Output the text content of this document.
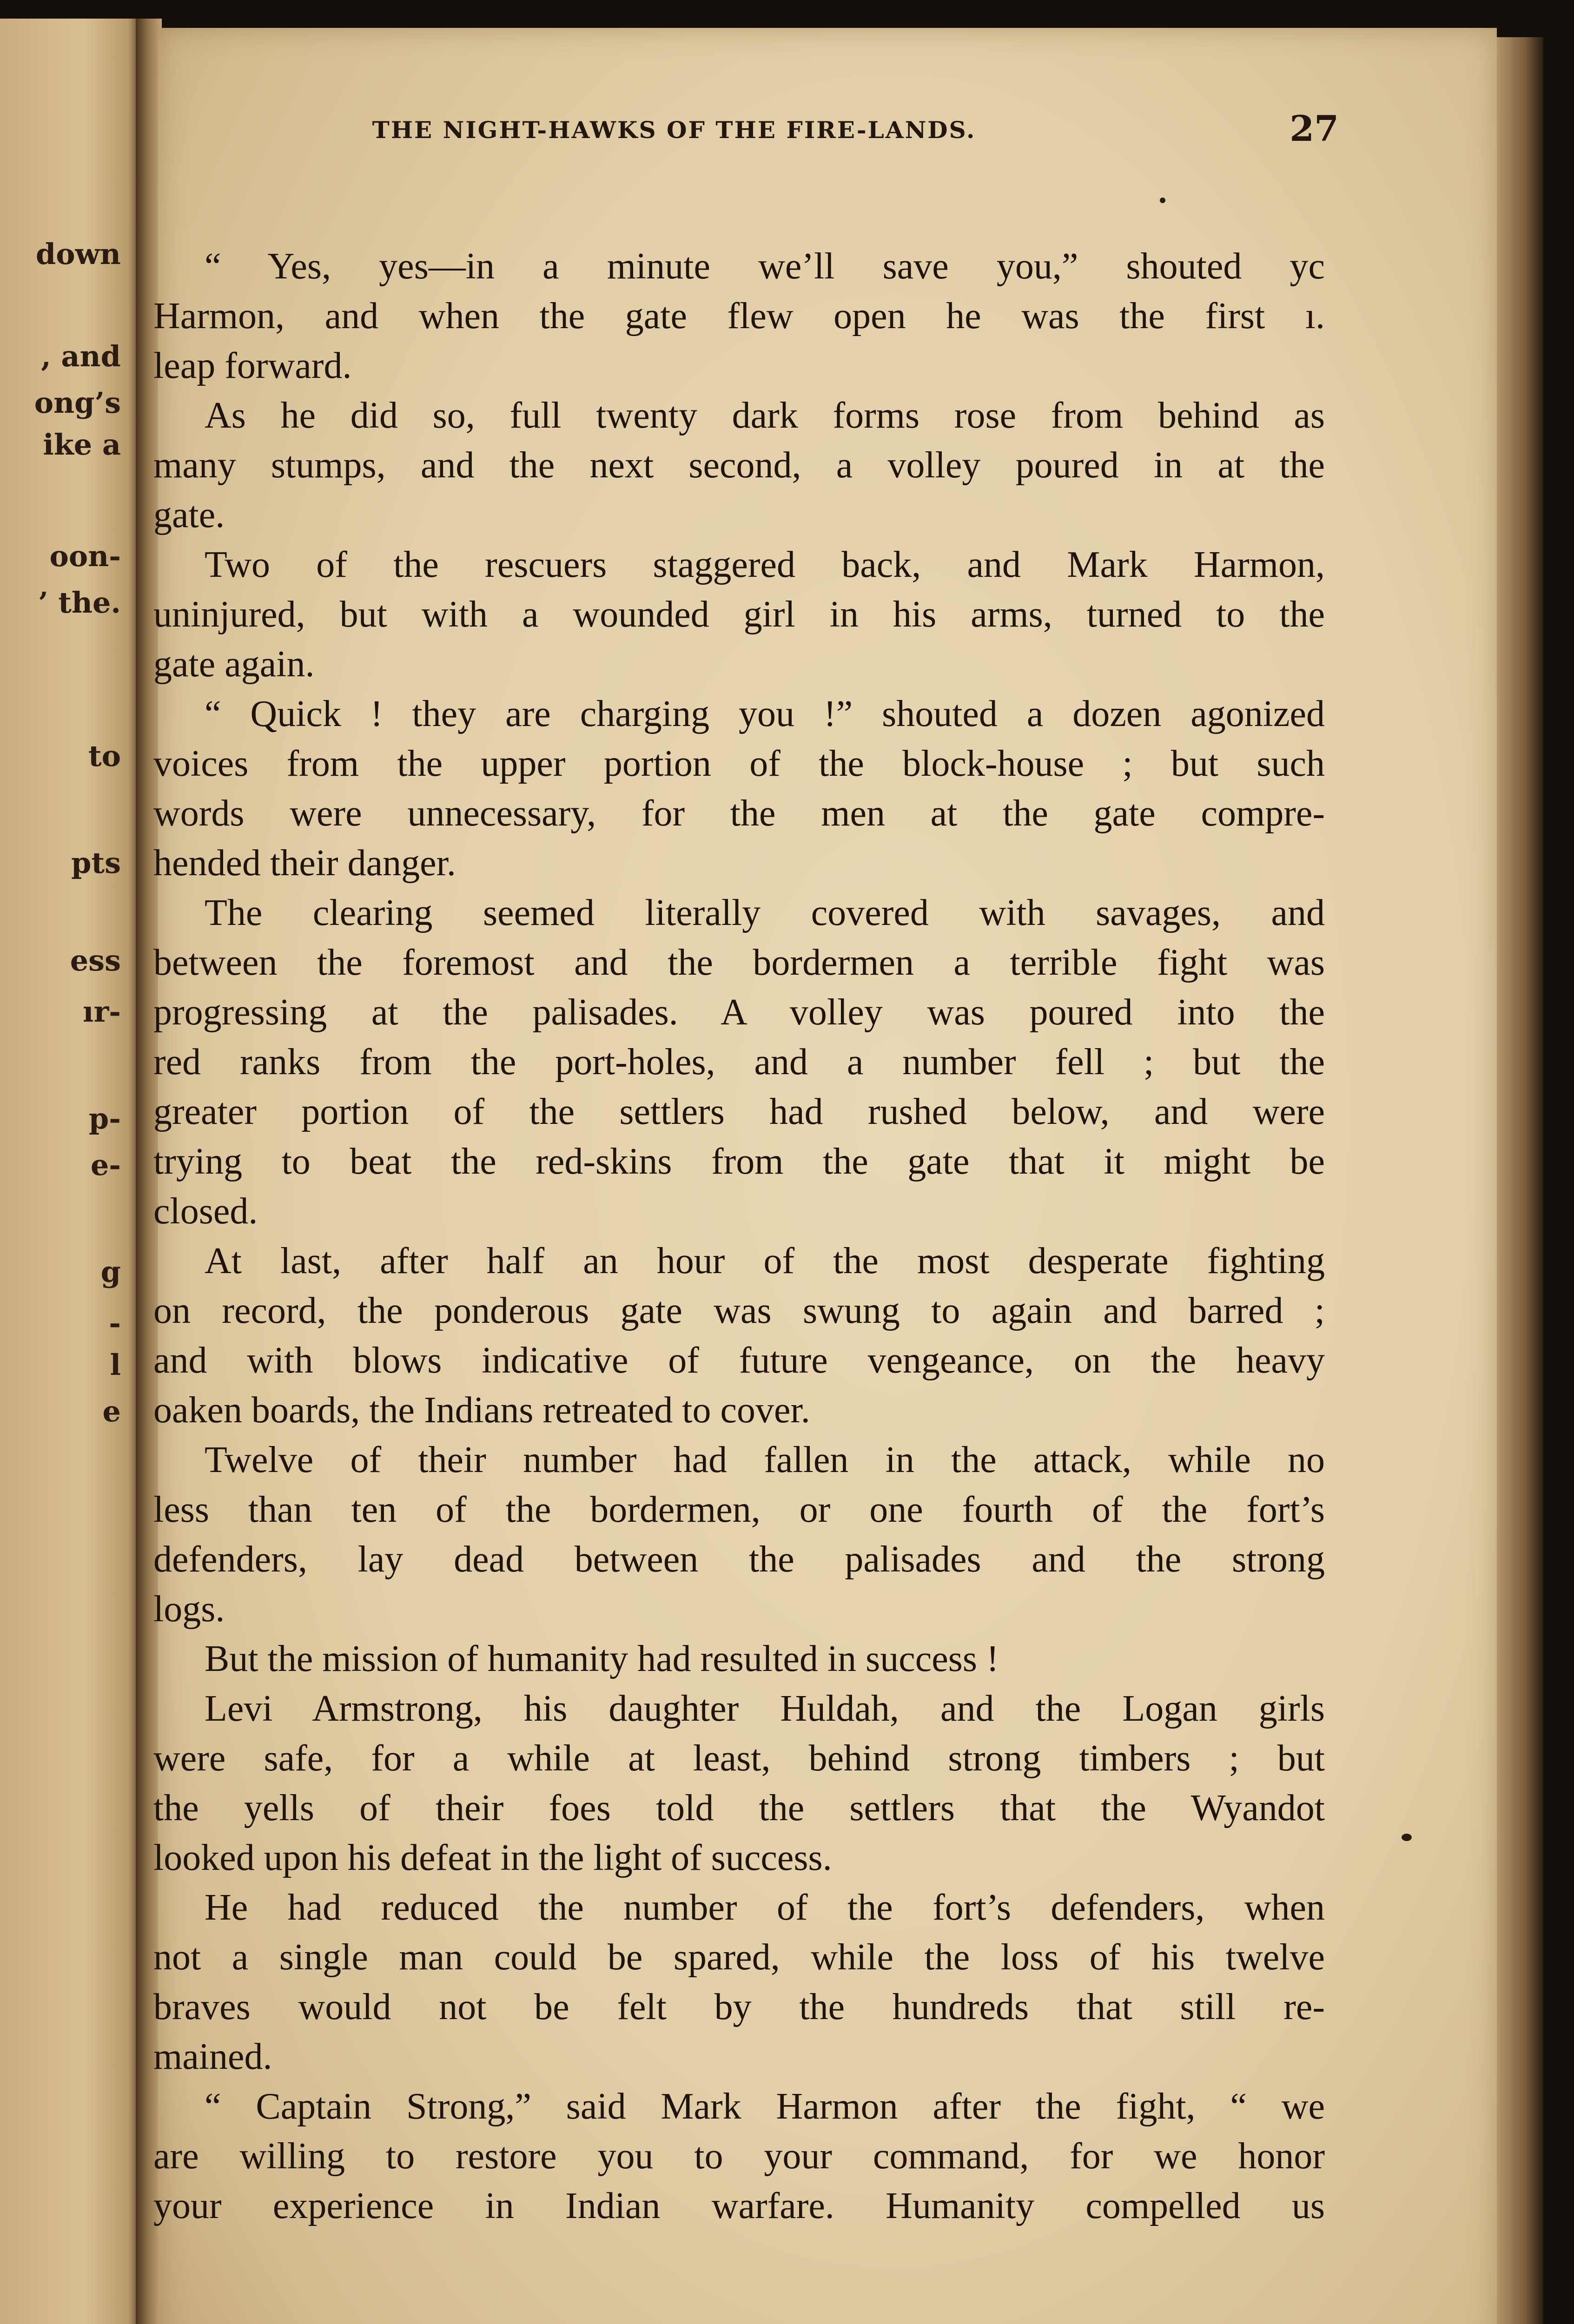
down
, and
ong’s
ike a
oon-
’ the.
to
pts
ess
ır-
p-
e-
g
-
l
e
THE NIGHT-HAWKS OF THE FIRE-LANDS.	27
“ Yes, yes—in a minute we’ll save you,” shouted yc
Harmon, and when the gate flew open he was the first ı.
leap forward.
As he did so, full twenty dark forms rose from behind as
many stumps, and the next second, a volley poured in at the
gate.
Two of the rescuers staggered back, and Mark Harmon,
uninjured, but with a wounded girl in his arms, turned to the
gate again.
“ Quick ! they are charging you !” shouted a dozen agonized
voices from the upper portion of the block-house ; but such
words were unnecessary, for the men at the gate compre-
hended their danger.
The clearing seemed literally covered with savages, and
between the foremost and the bordermen a terrible fight was
progressing at the palisades. A volley was poured into the
red ranks from the port-holes, and a number fell ; but the
greater portion of the settlers had rushed below, and were
trying to beat the red-skins from the gate that it might be
closed.
At last, after half an hour of the most desperate fighting
on record, the ponderous gate was swung to again and barred ;
and with blows indicative of future vengeance, on the heavy
oaken boards, the Indians retreated to cover.
Twelve of their number had fallen in the attack, while no
less than ten of the bordermen, or one fourth of the fort’s
defenders, lay dead between the palisades and the strong
logs.
But the mission of humanity had resulted in success !
Levi Armstrong, his daughter Huldah, and the Logan girls
were safe, for a while at least, behind strong timbers ; but
the yells of their foes told the settlers that the Wyandot
looked upon his defeat in the light of success.
He had reduced the number of the fort’s defenders, when
not a single man could be spared, while the loss of his twelve
braves would not be felt by the hundreds that still re-
mained.
“ Captain Strong,” said Mark Harmon after the fight, “ we
are willing to restore you to your command, for we honor
your experience in Indian warfare. Humanity compelled us
